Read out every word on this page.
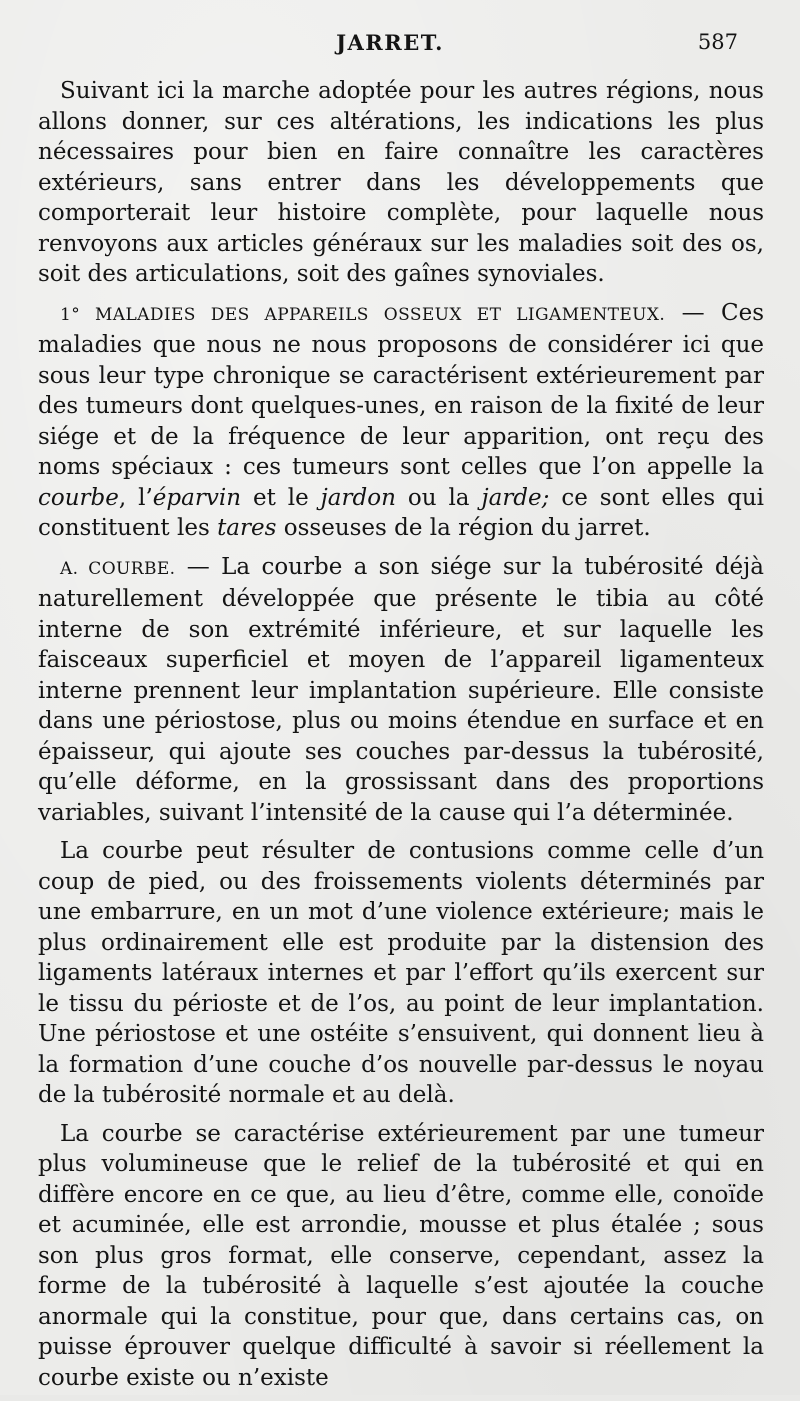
JARRET.	587

Suivant ici la marche adoptée pour les autres régions, nous allons donner, sur ces altérations, les indications les plus nécessaires pour bien en faire connaître les caractères extérieurs, sans entrer dans les développements que comporterait leur histoire complète, pour laquelle nous renvoyons aux articles généraux sur les maladies soit des os, soit des articulations, soit des gaînes synoviales.

1° MALADIES DES APPAREILS OSSEUX ET LIGAMENTEUX. — Ces maladies que nous ne nous proposons de considérer ici que sous leur type chronique se caractérisent extérieurement par des tumeurs dont quelques-unes, en raison de la fixité de leur siége et de la fréquence de leur apparition, ont reçu des noms spéciaux : ces tumeurs sont celles que l’on appelle la courbe, l’éparvin et le jardon ou la jarde; ce sont elles qui constituent les tares osseuses de la région du jarret.

A. COURBE. — La courbe a son siége sur la tubérosité déjà naturellement développée que présente le tibia au côté interne de son extrémité inférieure, et sur laquelle les faisceaux superficiel et moyen de l’appareil ligamenteux interne prennent leur implantation supérieure. Elle consiste dans une périostose, plus ou moins étendue en surface et en épaisseur, qui ajoute ses couches par-dessus la tubérosité, qu’elle déforme, en la grossissant dans des proportions variables, suivant l’intensité de la cause qui l’a déterminée.

La courbe peut résulter de contusions comme celle d’un coup de pied, ou des froissements violents déterminés par une embarrure, en un mot d’une violence extérieure; mais le plus ordinairement elle est produite par la distension des ligaments latéraux internes et par l’effort qu’ils exercent sur le tissu du périoste et de l’os, au point de leur implantation. Une périostose et une ostéite s’ensuivent, qui donnent lieu à la formation d’une couche d’os nouvelle par-dessus le noyau de la tubérosité normale et au delà.

La courbe se caractérise extérieurement par une tumeur plus volumineuse que le relief de la tubérosité et qui en diffère encore en ce que, au lieu d’être, comme elle, conoïde et acuminée, elle est arrondie, mousse et plus étalée ; sous son plus gros format, elle conserve, cependant, assez la forme de la tubérosité à laquelle s’est ajoutée la couche anormale qui la constitue, pour que, dans certains cas, on puisse éprouver quelque difficulté à savoir si réellement la courbe existe ou n’existe
